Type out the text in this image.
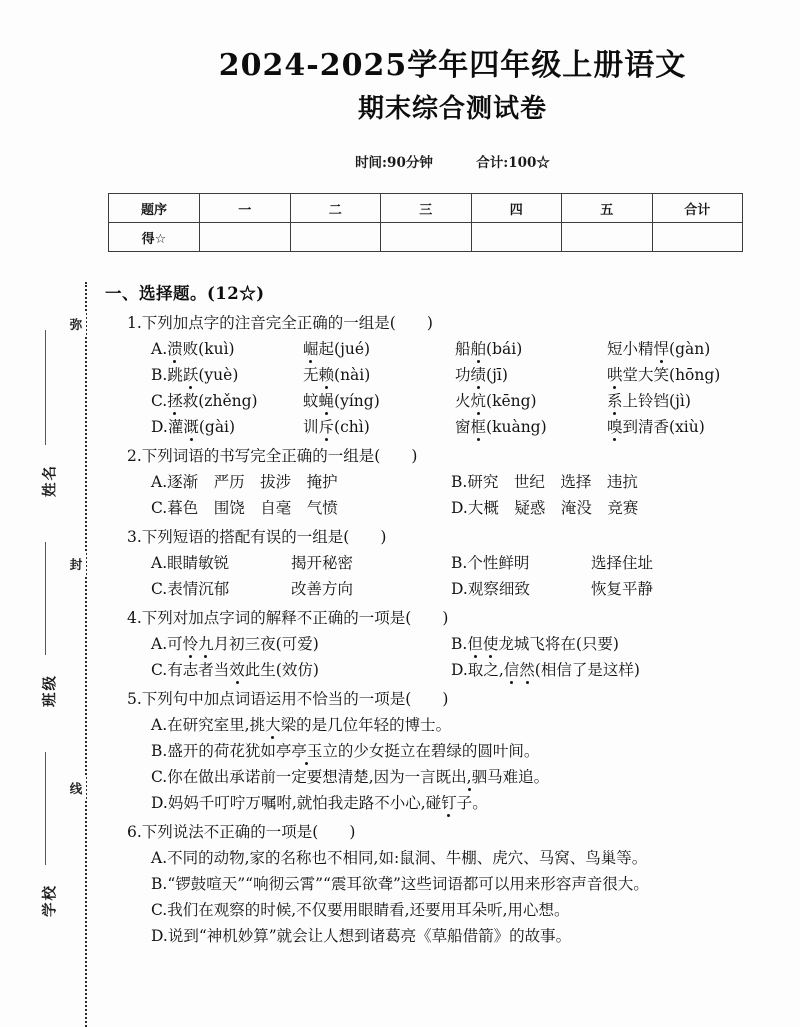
弥
封
线
姓名
班级
学校
2024-2025学年四年级上册语文
期末综合测试卷
时间:90分钟	合计:100☆
题序	一	二	三	四	五	合计
得☆						
一、选择题。(12☆)
1.下列加点字的注音完全正确的一组是(　　)
A.溃败(kuì)	崛起(jué)	船舶(bái)	短小精悍(gàn)
B.跳跃(yuè)	无赖(nài)	功绩(jī)	哄堂大笑(hōng)
C.拯救(zhěng)	蚊蝇(yíng)	火炕(kēng)	系上铃铛(jì)
D.灌溉(gài)	训斥(chì)	窗框(kuàng)	嗅到清香(xiù)
2.下列词语的书写完全正确的一组是(　　)
A.逐渐　严历　拔涉　掩护	B.研究　世纪　选择　违抗
C.暮色　围饶　自毫　气愤	D.大概　疑惑　淹没　竞赛
3.下列短语的搭配有误的一组是(　　)
A.眼睛敏锐	揭开秘密	B.个性鲜明	选择住址
C.表情沉郁	改善方向	D.观察细致	恢复平静
4.下列对加点字词的解释不正确的一项是(　　)
A.可怜九月初三夜(可爱)	B.但使龙城飞将在(只要)
C.有志者当效此生(效仿)	D.取之,信然(相信了是这样)
5.下列句中加点词语运用不恰当的一项是(　　)
A.在研究室里,挑大梁的是几位年轻的博士。
B.盛开的荷花犹如亭亭玉立的少女挺立在碧绿的圆叶间。
C.你在做出承诺前一定要想清楚,因为一言既出,驷马难追。
D.妈妈千叮咛万嘱咐,就怕我走路不小心,碰钉子。
6.下列说法不正确的一项是(　　)
A.不同的动物,家的名称也不相同,如:鼠洞、牛棚、虎穴、马窝、鸟巢等。
B.“锣鼓喧天”“响彻云霄”“震耳欲聋”这些词语都可以用来形容声音很大。
C.我们在观察的时候,不仅要用眼睛看,还要用耳朵听,用心想。
D.说到“神机妙算”就会让人想到诸葛亮《草船借箭》的故事。
